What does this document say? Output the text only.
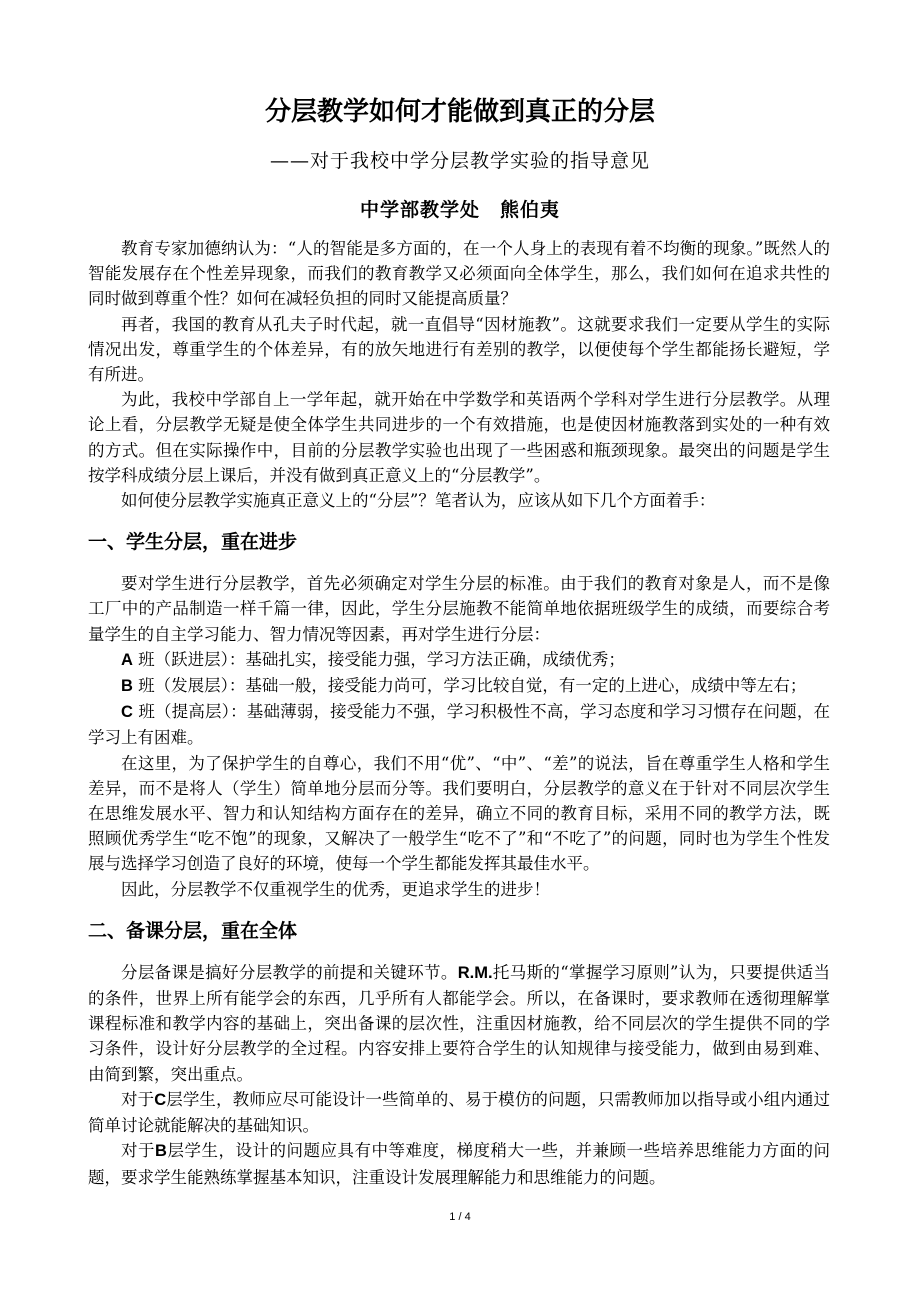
分层教学如何才能做到真正的分层
——对于我校中学分层教学实验的指导意见
中学部教学处　熊伯夷

教育专家加德纳认为：“人的智能是多方面的，在一个人身上的表现有着不均衡的现象。”既然人的智能发展存在个性差异现象，而我们的教育教学又必须面向全体学生，那么，我们如何在追求共性的同时做到尊重个性？如何在减轻负担的同时又能提高质量？

再者，我国的教育从孔夫子时代起，就一直倡导“因材施教”。这就要求我们一定要从学生的实际情况出发，尊重学生的个体差异，有的放矢地进行有差别的教学，以便使每个学生都能扬长避短，学有所进。

为此，我校中学部自上一学年起，就开始在中学数学和英语两个学科对学生进行分层教学。从理论上看，分层教学无疑是使全体学生共同进步的一个有效措施，也是使因材施教落到实处的一种有效的方式。但在实际操作中，目前的分层教学实验也出现了一些困惑和瓶颈现象。最突出的问题是学生按学科成绩分层上课后，并没有做到真正意义上的“分层教学”。

如何使分层教学实施真正意义上的“分层”？笔者认为，应该从如下几个方面着手：

一、学生分层，重在进步

要对学生进行分层教学，首先必须确定对学生分层的标准。由于我们的教育对象是人，而不是像工厂中的产品制造一样千篇一律，因此，学生分层施教不能简单地依据班级学生的成绩，而要综合考量学生的自主学习能力、智力情况等因素，再对学生进行分层：

A 班（跃进层）：基础扎实，接受能力强，学习方法正确，成绩优秀；

B 班（发展层）：基础一般，接受能力尚可，学习比较自觉，有一定的上进心，成绩中等左右；

C 班（提高层）：基础薄弱，接受能力不强，学习积极性不高，学习态度和学习习惯存在问题，在学习上有困难。

在这里，为了保护学生的自尊心，我们不用“优”、“中”、“差”的说法，旨在尊重学生人格和学生差异，而不是将人（学生）简单地分层而分等。我们要明白，分层教学的意义在于针对不同层次学生在思维发展水平、智力和认知结构方面存在的差异，确立不同的教育目标，采用不同的教学方法，既照顾优秀学生“吃不饱”的现象，又解决了一般学生“吃不了”和“不吃了”的问题，同时也为学生个性发展与选择学习创造了良好的环境，使每一个学生都能发挥其最佳水平。

因此，分层教学不仅重视学生的优秀，更追求学生的进步！

二、备课分层，重在全体

分层备课是搞好分层教学的前提和关键环节。R.M.托马斯的“掌握学习原则”认为，只要提供适当的条件，世界上所有能学会的东西，几乎所有人都能学会。所以，在备课时，要求教师在透彻理解掌课程标准和教学内容的基础上，突出备课的层次性，注重因材施教，给不同层次的学生提供不同的学习条件，设计好分层教学的全过程。内容安排上要符合学生的认知规律与接受能力，做到由易到难、由简到繁，突出重点。

对于C层学生，教师应尽可能设计一些简单的、易于模仿的问题，只需教师加以指导或小组内通过简单讨论就能解决的基础知识。

对于B层学生，设计的问题应具有中等难度，梯度稍大一些，并兼顾一些培养思维能力方面的问题，要求学生能熟练掌握基本知识，注重设计发展理解能力和思维能力的问题。

1 / 4
